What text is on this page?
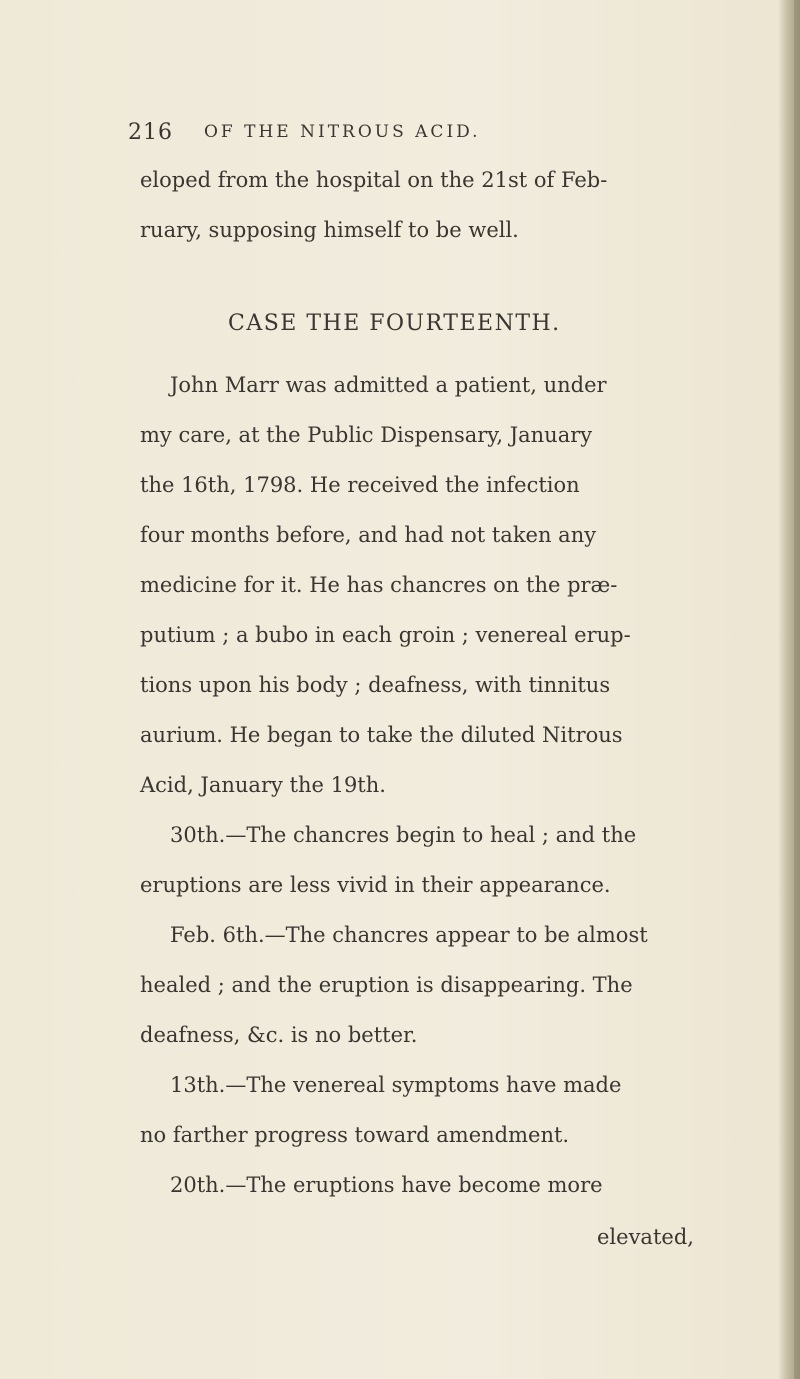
216 OF THE NITROUS ACID.
eloped from the hospital on the 21st of Feb-
ruary, supposing himself to be well.
CASE THE FOURTEENTH.
John Marr was admitted a patient, under
my care, at the Public Dispensary, January
the 16th, 1798. He received the infection
four months before, and had not taken any
medicine for it. He has chancres on the præ-
putium ; a bubo in each groin ; venereal erup-
tions upon his body ; deafness, with tinnitus
aurium. He began to take the diluted Nitrous
Acid, January the 19th.
30th.—The chancres begin to heal ; and the
eruptions are less vivid in their appearance.
Feb. 6th.—The chancres appear to be almost
healed ; and the eruption is disappearing. The
deafness, &c. is no better.
13th.—The venereal symptoms have made
no farther progress toward amendment.
20th.—The eruptions have become more
elevated,
